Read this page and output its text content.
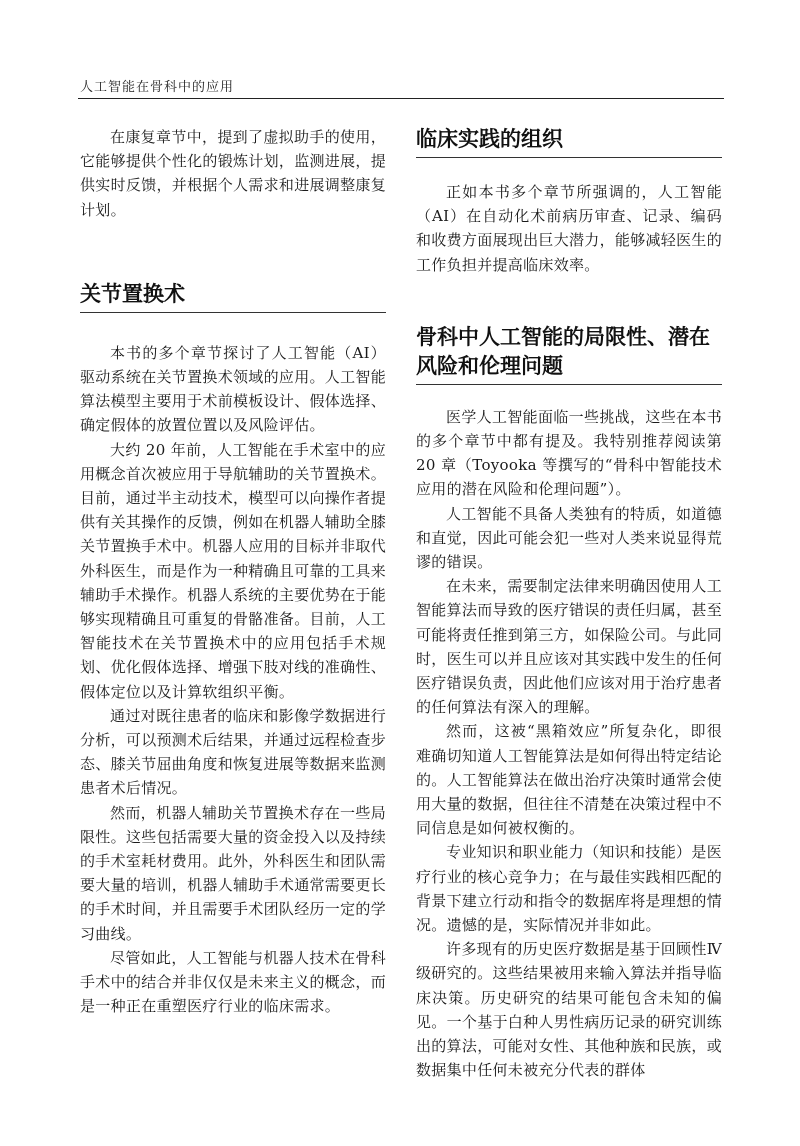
人工智能在骨科中的应用

在康复章节中，提到了虚拟助手的使用，它能够提供个性化的锻炼计划，监测进展，提供实时反馈，并根据个人需求和进展调整康复计划。

关节置换术

本书的多个章节探讨了人工智能（AI）驱动系统在关节置换术领域的应用。人工智能算法模型主要用于术前模板设计、假体选择、确定假体的放置位置以及风险评估。

大约 20 年前，人工智能在手术室中的应用概念首次被应用于导航辅助的关节置换术。目前，通过半主动技术，模型可以向操作者提供有关其操作的反馈，例如在机器人辅助全膝关节置换手术中。机器人应用的目标并非取代外科医生，而是作为一种精确且可靠的工具来辅助手术操作。机器人系统的主要优势在于能够实现精确且可重复的骨骼准备。目前，人工智能技术在关节置换术中的应用包括手术规划、优化假体选择、增强下肢对线的准确性、假体定位以及计算软组织平衡。

通过对既往患者的临床和影像学数据进行分析，可以预测术后结果，并通过远程检查步态、膝关节屈曲角度和恢复进展等数据来监测患者术后情况。

然而，机器人辅助关节置换术存在一些局限性。这些包括需要大量的资金投入以及持续的手术室耗材费用。此外，外科医生和团队需要大量的培训，机器人辅助手术通常需要更长的手术时间，并且需要手术团队经历一定的学习曲线。

尽管如此，人工智能与机器人技术在骨科手术中的结合并非仅仅是未来主义的概念，而是一种正在重塑医疗行业的临床需求。

临床实践的组织

正如本书多个章节所强调的，人工智能（AI）在自动化术前病历审查、记录、编码和收费方面展现出巨大潜力，能够减轻医生的工作负担并提高临床效率。

骨科中人工智能的局限性、潜在
风险和伦理问题

医学人工智能面临一些挑战，这些在本书的多个章节中都有提及。我特别推荐阅读第 20 章（Toyooka 等撰写的“骨科中智能技术应用的潜在风险和伦理问题”）。

人工智能不具备人类独有的特质，如道德和直觉，因此可能会犯一些对人类来说显得荒谬的错误。

在未来，需要制定法律来明确因使用人工智能算法而导致的医疗错误的责任归属，甚至可能将责任推到第三方，如保险公司。与此同时，医生可以并且应该对其实践中发生的任何医疗错误负责，因此他们应该对用于治疗患者的任何算法有深入的理解。

然而，这被“黑箱效应”所复杂化，即很难确切知道人工智能算法是如何得出特定结论的。人工智能算法在做出治疗决策时通常会使用大量的数据，但往往不清楚在决策过程中不同信息是如何被权衡的。

专业知识和职业能力（知识和技能）是医疗行业的核心竞争力；在与最佳实践相匹配的背景下建立行动和指令的数据库将是理想的情况。遗憾的是，实际情况并非如此。

许多现有的历史医疗数据是基于回顾性Ⅳ级研究的。这些结果被用来输入算法并指导临床决策。历史研究的结果可能包含未知的偏见。一个基于白种人男性病历记录的研究训练出的算法，可能对女性、其他种族和民族，或数据集中任何未被充分代表的群体
